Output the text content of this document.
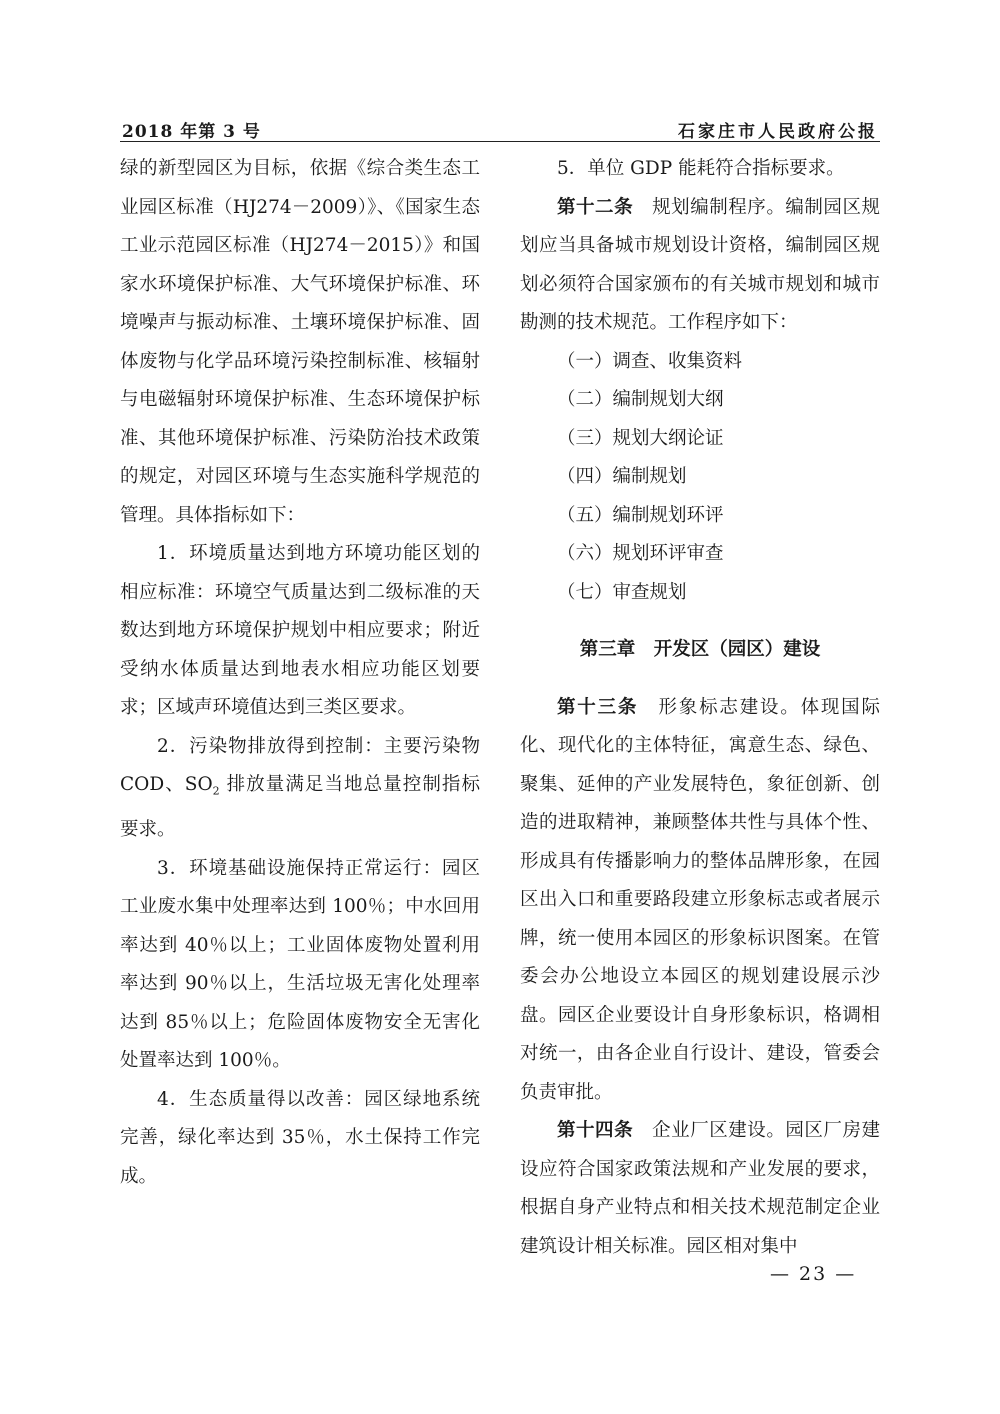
2018 年第 3 号	石家庄市人民政府公报

绿的新型园区为目标，依据《综合类生态工业园区标准（HJ274－2009）》、《国家生态工业示范园区标准（HJ274－2015）》和国家水环境保护标准、大气环境保护标准、环境噪声与振动标准、土壤环境保护标准、固体废物与化学品环境污染控制标准、核辐射与电磁辐射环境保护标准、生态环境保护标准、其他环境保护标准、污染防治技术政策的规定，对园区环境与生态实施科学规范的管理。具体指标如下：

1．环境质量达到地方环境功能区划的相应标准：环境空气质量达到二级标准的天数达到地方环境保护规划中相应要求；附近受纳水体质量达到地表水相应功能区划要求；区域声环境值达到三类区要求。

2．污染物排放得到控制：主要污染物 COD、$SO_2$ 排放量满足当地总量控制指标要求。

3．环境基础设施保持正常运行：园区工业废水集中处理率达到 100％；中水回用率达到 40％以上；工业固体废物处置利用率达到 90％以上，生活垃圾无害化处理率达到 85％以上；危险固体废物安全无害化处置率达到 100％。

4．生态质量得以改善：园区绿地系统完善，绿化率达到 35％，水土保持工作完成。

5．单位 GDP 能耗符合指标要求。

第十二条　规划编制程序。编制园区规划应当具备城市规划设计资格，编制园区规划必须符合国家颁布的有关城市规划和城市勘测的技术规范。工作程序如下：

（一）调查、收集资料

（二）编制规划大纲

（三）规划大纲论证

（四）编制规划

（五）编制规划环评

（六）规划环评审查

（七）审查规划

第三章　开发区（园区）建设

第十三条　形象标志建设。体现国际化、现代化的主体特征，寓意生态、绿色、聚集、延伸的产业发展特色，象征创新、创造的进取精神，兼顾整体共性与具体个性、形成具有传播影响力的整体品牌形象，在园区出入口和重要路段建立形象标志或者展示牌，统一使用本园区的形象标识图案。在管委会办公地设立本园区的规划建设展示沙盘。园区企业要设计自身形象标识，格调相对统一，由各企业自行设计、建设，管委会负责审批。

第十四条　企业厂区建设。园区厂房建设应符合国家政策法规和产业发展的要求，根据自身产业特点和相关技术规范制定企业建筑设计相关标准。园区相对集中

— 23 —
